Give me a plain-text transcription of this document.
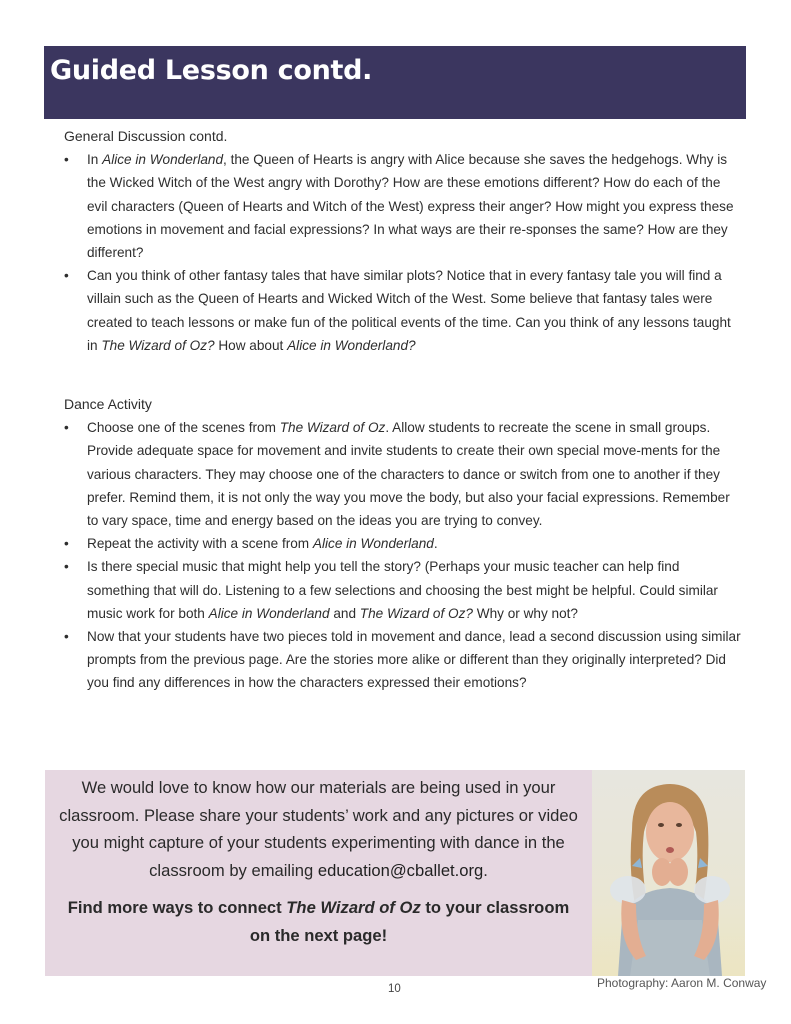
Guided Lesson contd.

General Discussion contd.

• In Alice in Wonderland, the Queen of Hearts is angry with Alice because she saves the hedgehogs. Why is the Wicked Witch of the West angry with Dorothy? How are these emotions different? How do each of the evil characters (Queen of Hearts and Witch of the West) express their anger? How might you express these emotions in movement and facial expressions? In what ways are their re-sponses the same? How are they different?
• Can you think of other fantasy tales that have similar plots? Notice that in every fantasy tale you will find a villain such as the Queen of Hearts and Wicked Witch of the West. Some believe that fantasy tales were created to teach lessons or make fun of the political events of the time. Can you think of any lessons taught in The Wizard of Oz? How about Alice in Wonderland?

Dance Activity

• Choose one of the scenes from The Wizard of Oz. Allow students to recreate the scene in small groups. Provide adequate space for movement and invite students to create their own special move-ments for the various characters. They may choose one of the characters to dance or switch from one to another if they prefer. Remind them, it is not only the way you move the body, but also your facial expressions. Remember to vary space, time and energy based on the ideas you are trying to convey.
• Repeat the activity with a scene from Alice in Wonderland.
• Is there special music that might help you tell the story? (Perhaps your music teacher can help find something that will do. Listening to a few selections and choosing the best might be helpful. Could similar music work for both Alice in Wonderland and The Wizard of Oz? Why or why not?
• Now that your students have two pieces told in movement and dance, lead a second discussion using similar prompts from the previous page. Are the stories more alike or different than they originally interpreted? Did you find any differences in how the characters expressed their emotions?
We would love to know how our materials are being used in your classroom. Please share your students’ work and any pictures or video you might capture of your students experimenting with dance in the classroom by emailing education@cballet.org.
Find more ways to connect The Wizard of Oz to your classroom on the next page!
Photography: Aaron M. Conway
10
